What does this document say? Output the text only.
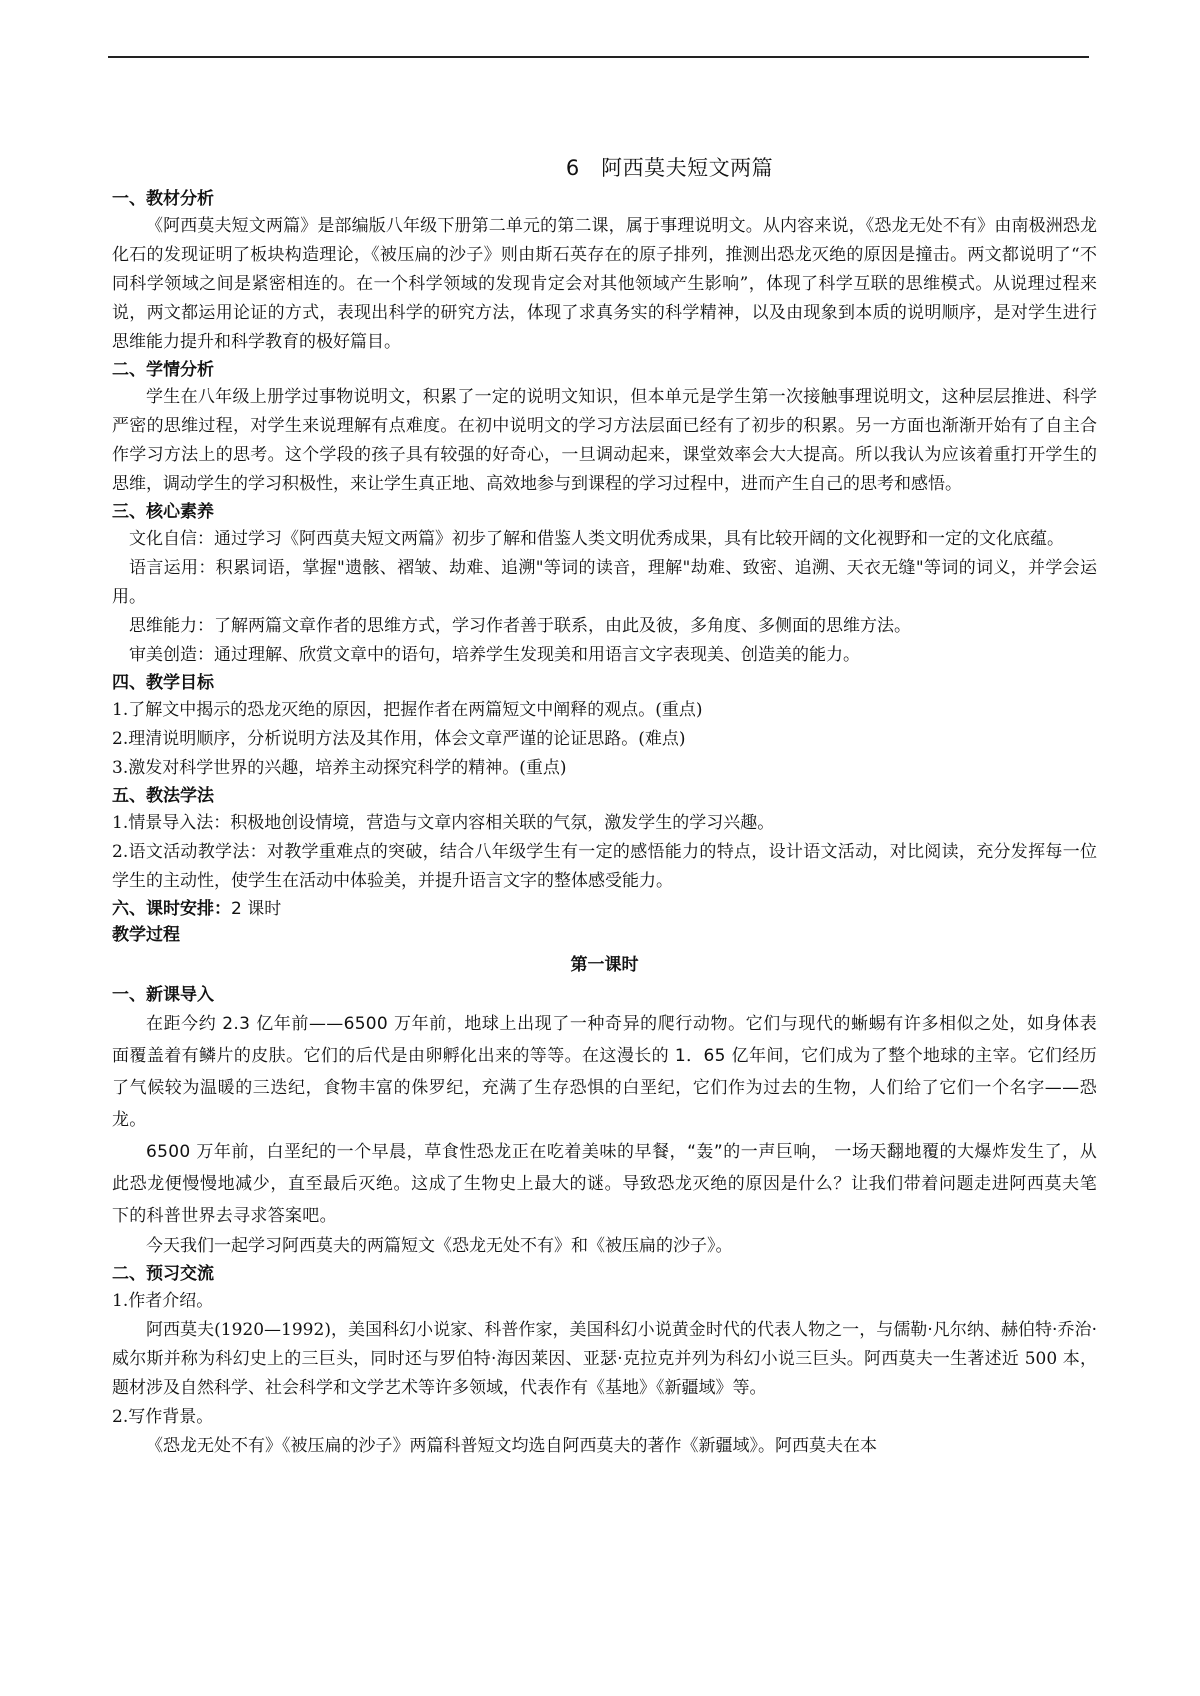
6　阿西莫夫短文两篇
一、教材分析
《阿西莫夫短文两篇》是部编版八年级下册第二单元的第二课，属于事理说明文。从内容来说，《恐龙无处不有》由南极洲恐龙化石的发现证明了板块构造理论，《被压扁的沙子》则由斯石英存在的原子排列，推测出恐龙灭绝的原因是撞击。两文都说明了“不同科学领域之间是紧密相连的。在一个科学领域的发现肯定会对其他领域产生影响”，体现了科学互联的思维模式。从说理过程来说，两文都运用论证的方式，表现出科学的研究方法，体现了求真务实的科学精神，以及由现象到本质的说明顺序，是对学生进行思维能力提升和科学教育的极好篇目。
二、学情分析
学生在八年级上册学过事物说明文，积累了一定的说明文知识，但本单元是学生第一次接触事理说明文，这种层层推进、科学严密的思维过程，对学生来说理解有点难度。在初中说明文的学习方法层面已经有了初步的积累。另一方面也渐渐开始有了自主合作学习方法上的思考。这个学段的孩子具有较强的好奇心，一旦调动起来，课堂效率会大大提高。所以我认为应该着重打开学生的思维，调动学生的学习积极性，来让学生真正地、高效地参与到课程的学习过程中，进而产生自己的思考和感悟。
三、核心素养
文化自信：通过学习《阿西莫夫短文两篇》初步了解和借鉴人类文明优秀成果，具有比较开阔的文化视野和一定的文化底蕴。
语言运用：积累词语，掌握"遗骸、褶皱、劫难、追溯"等词的读音，理解"劫难、致密、追溯、天衣无缝"等词的词义，并学会运用。
思维能力：了解两篇文章作者的思维方式，学习作者善于联系，由此及彼，多角度、多侧面的思维方法。
审美创造：通过理解、欣赏文章中的语句，培养学生发现美和用语言文字表现美、创造美的能力。
四、教学目标
1.了解文中揭示的恐龙灭绝的原因，把握作者在两篇短文中阐释的观点。(重点)
2.理清说明顺序，分析说明方法及其作用，体会文章严谨的论证思路。(难点)
3.激发对科学世界的兴趣，培养主动探究科学的精神。(重点)
五、教法学法
1.情景导入法：积极地创设情境，营造与文章内容相关联的气氛，激发学生的学习兴趣。
2.语文活动教学法：对教学重难点的突破，结合八年级学生有一定的感悟能力的特点，设计语文活动，对比阅读，充分发挥每一位学生的主动性，使学生在活动中体验美，并提升语言文字的整体感受能力。
六、课时安排：2 课时
教学过程
第一课时
一、新课导入
在距今约 2.3 亿年前——6500 万年前，地球上出现了一种奇异的爬行动物。它们与现代的蜥蜴有许多相似之处，如身体表面覆盖着有鳞片的皮肤。它们的后代是由卵孵化出来的等等。在这漫长的 1．65 亿年间，它们成为了整个地球的主宰。它们经历了气候较为温暖的三迭纪，食物丰富的侏罗纪，充满了生存恐惧的白垩纪，它们作为过去的生物，人们给了它们一个名字——恐龙。
6500 万年前，白垩纪的一个早晨，草食性恐龙正在吃着美味的早餐，“轰”的一声巨响， 一场天翻地覆的大爆炸发生了，从此恐龙便慢慢地减少，直至最后灭绝。这成了生物史上最大的谜。导致恐龙灭绝的原因是什么？让我们带着问题走进阿西莫夫笔下的科普世界去寻求答案吧。
今天我们一起学习阿西莫夫的两篇短文《恐龙无处不有》和《被压扁的沙子》。
二、预习交流
1.作者介绍。
阿西莫夫(1920—1992)，美国科幻小说家、科普作家，美国科幻小说黄金时代的代表人物之一，与儒勒·凡尔纳、赫伯特·乔治·威尔斯并称为科幻史上的三巨头，同时还与罗伯特·海因莱因、亚瑟·克拉克并列为科幻小说三巨头。阿西莫夫一生著述近 500 本，题材涉及自然科学、社会科学和文学艺术等许多领域，代表作有《基地》《新疆域》等。
2.写作背景。
《恐龙无处不有》《被压扁的沙子》两篇科普短文均选自阿西莫夫的著作《新疆域》。阿西莫夫在本
